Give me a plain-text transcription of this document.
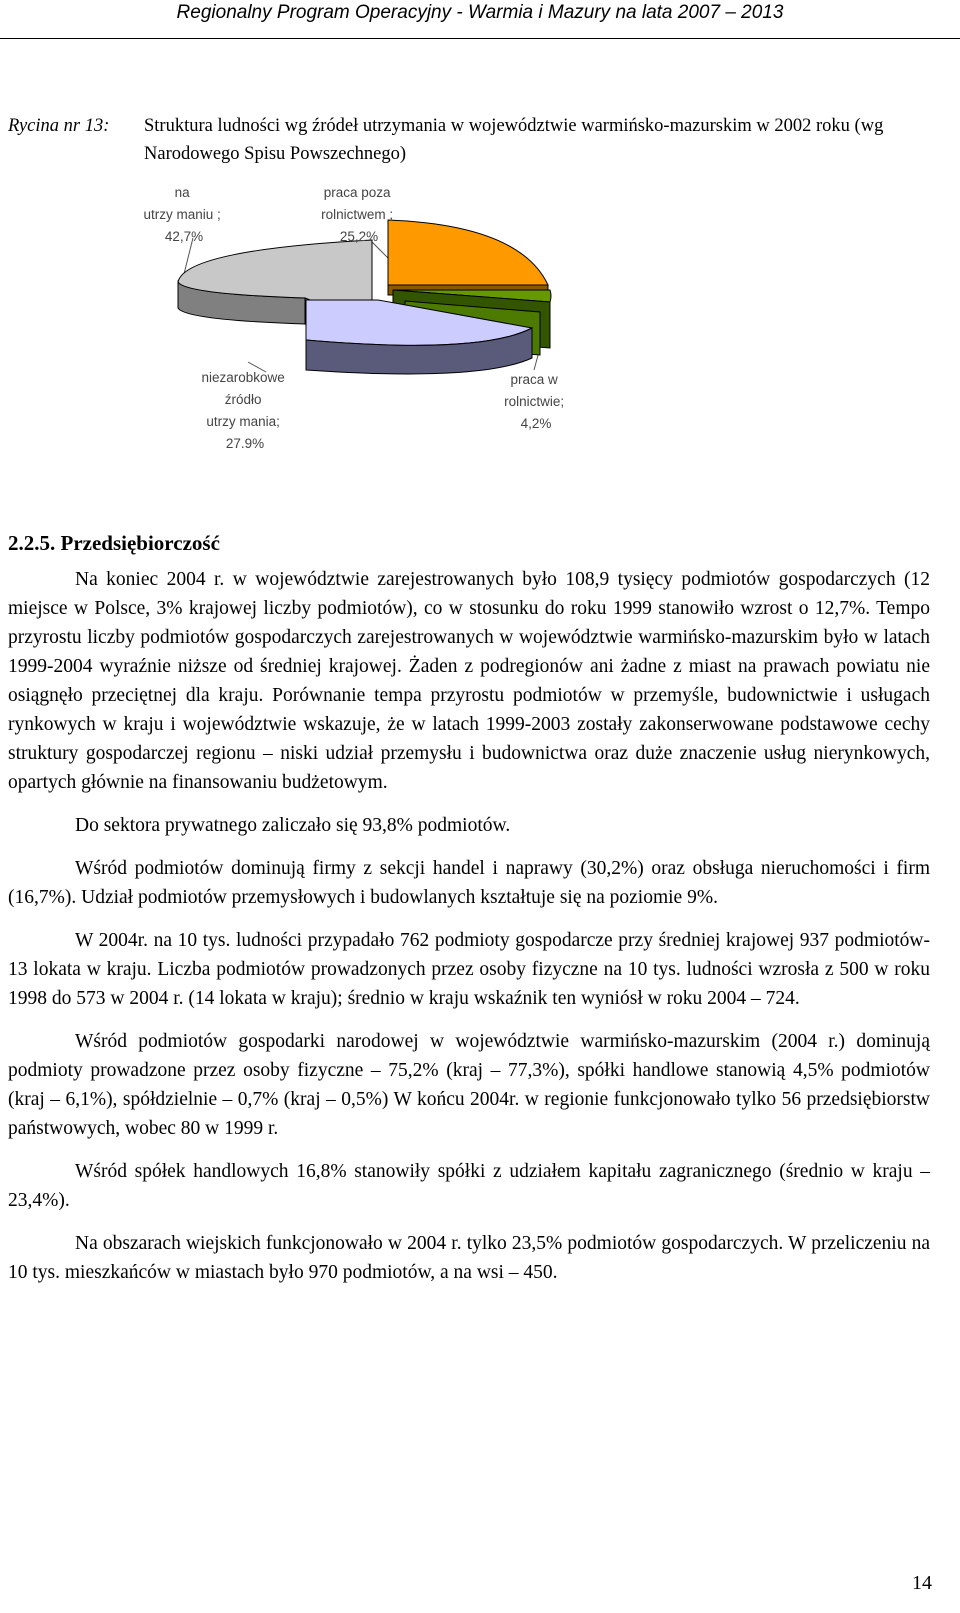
Regionalny Program Operacyjny - Warmia i Mazury na lata 2007 – 2013
Rycina nr 13: Struktura ludności wg źródeł utrzymania w województwie warmińsko-mazurskim w 2002 roku (wg Narodowego Spisu Powszechnego)
na utrzy maniu ; 42,7%
praca poza rolnictwem ; 25,2%
niezarobkowe źródło utrzy mania; 27.9%
praca w rolnictwie; 4,2%
2.2.5. Przedsiębiorczość

Na koniec 2004 r. w województwie zarejestrowanych było 108,9 tysięcy podmiotów gospodarczych (12 miejsce w Polsce, 3% krajowej liczby podmiotów), co w stosunku do roku 1999 stanowiło wzrost o 12,7%. Tempo przyrostu liczby podmiotów gospodarczych zarejestrowanych w województwie warmińsko-mazurskim było w latach 1999-2004 wyraźnie niższe od średniej krajowej. Żaden z podregionów ani żadne z miast na prawach powiatu nie osiągnęło przeciętnej dla kraju. Porównanie tempa przyrostu podmiotów w przemyśle, budownictwie i usługach rynkowych w kraju i województwie wskazuje, że w latach 1999-2003 zostały zakonserwowane podstawowe cechy struktury gospodarczej regionu – niski udział przemysłu i budownictwa oraz duże znaczenie usług nierynkowych, opartych głównie na finansowaniu budżetowym.

Do sektora prywatnego zaliczało się 93,8% podmiotów.

Wśród podmiotów dominują firmy z sekcji handel i naprawy (30,2%) oraz obsługa nieruchomości i firm (16,7%). Udział podmiotów przemysłowych i budowlanych kształtuje się na poziomie 9%.

W 2004r. na 10 tys. ludności przypadało 762 podmioty gospodarcze przy średniej krajowej 937 podmiotów- 13 lokata w kraju. Liczba podmiotów prowadzonych przez osoby fizyczne na 10 tys. ludności wzrosła z 500 w roku 1998 do 573 w 2004 r. (14 lokata w kraju); średnio w kraju wskaźnik ten wyniósł w roku 2004 – 724.

Wśród podmiotów gospodarki narodowej w województwie warmińsko-mazurskim (2004 r.) dominują podmioty prowadzone przez osoby fizyczne – 75,2% (kraj – 77,3%), spółki handlowe stanowią 4,5% podmiotów (kraj – 6,1%), spółdzielnie – 0,7% (kraj – 0,5%) W końcu 2004r. w regionie funkcjonowało tylko 56 przedsiębiorstw państwowych, wobec 80 w 1999 r.

Wśród spółek handlowych 16,8% stanowiły spółki z udziałem kapitału zagranicznego (średnio w kraju – 23,4%).

Na obszarach wiejskich funkcjonowało w 2004 r. tylko 23,5% podmiotów gospodarczych. W przeliczeniu na 10 tys. mieszkańców w miastach było 970 podmiotów, a na wsi – 450.

14
